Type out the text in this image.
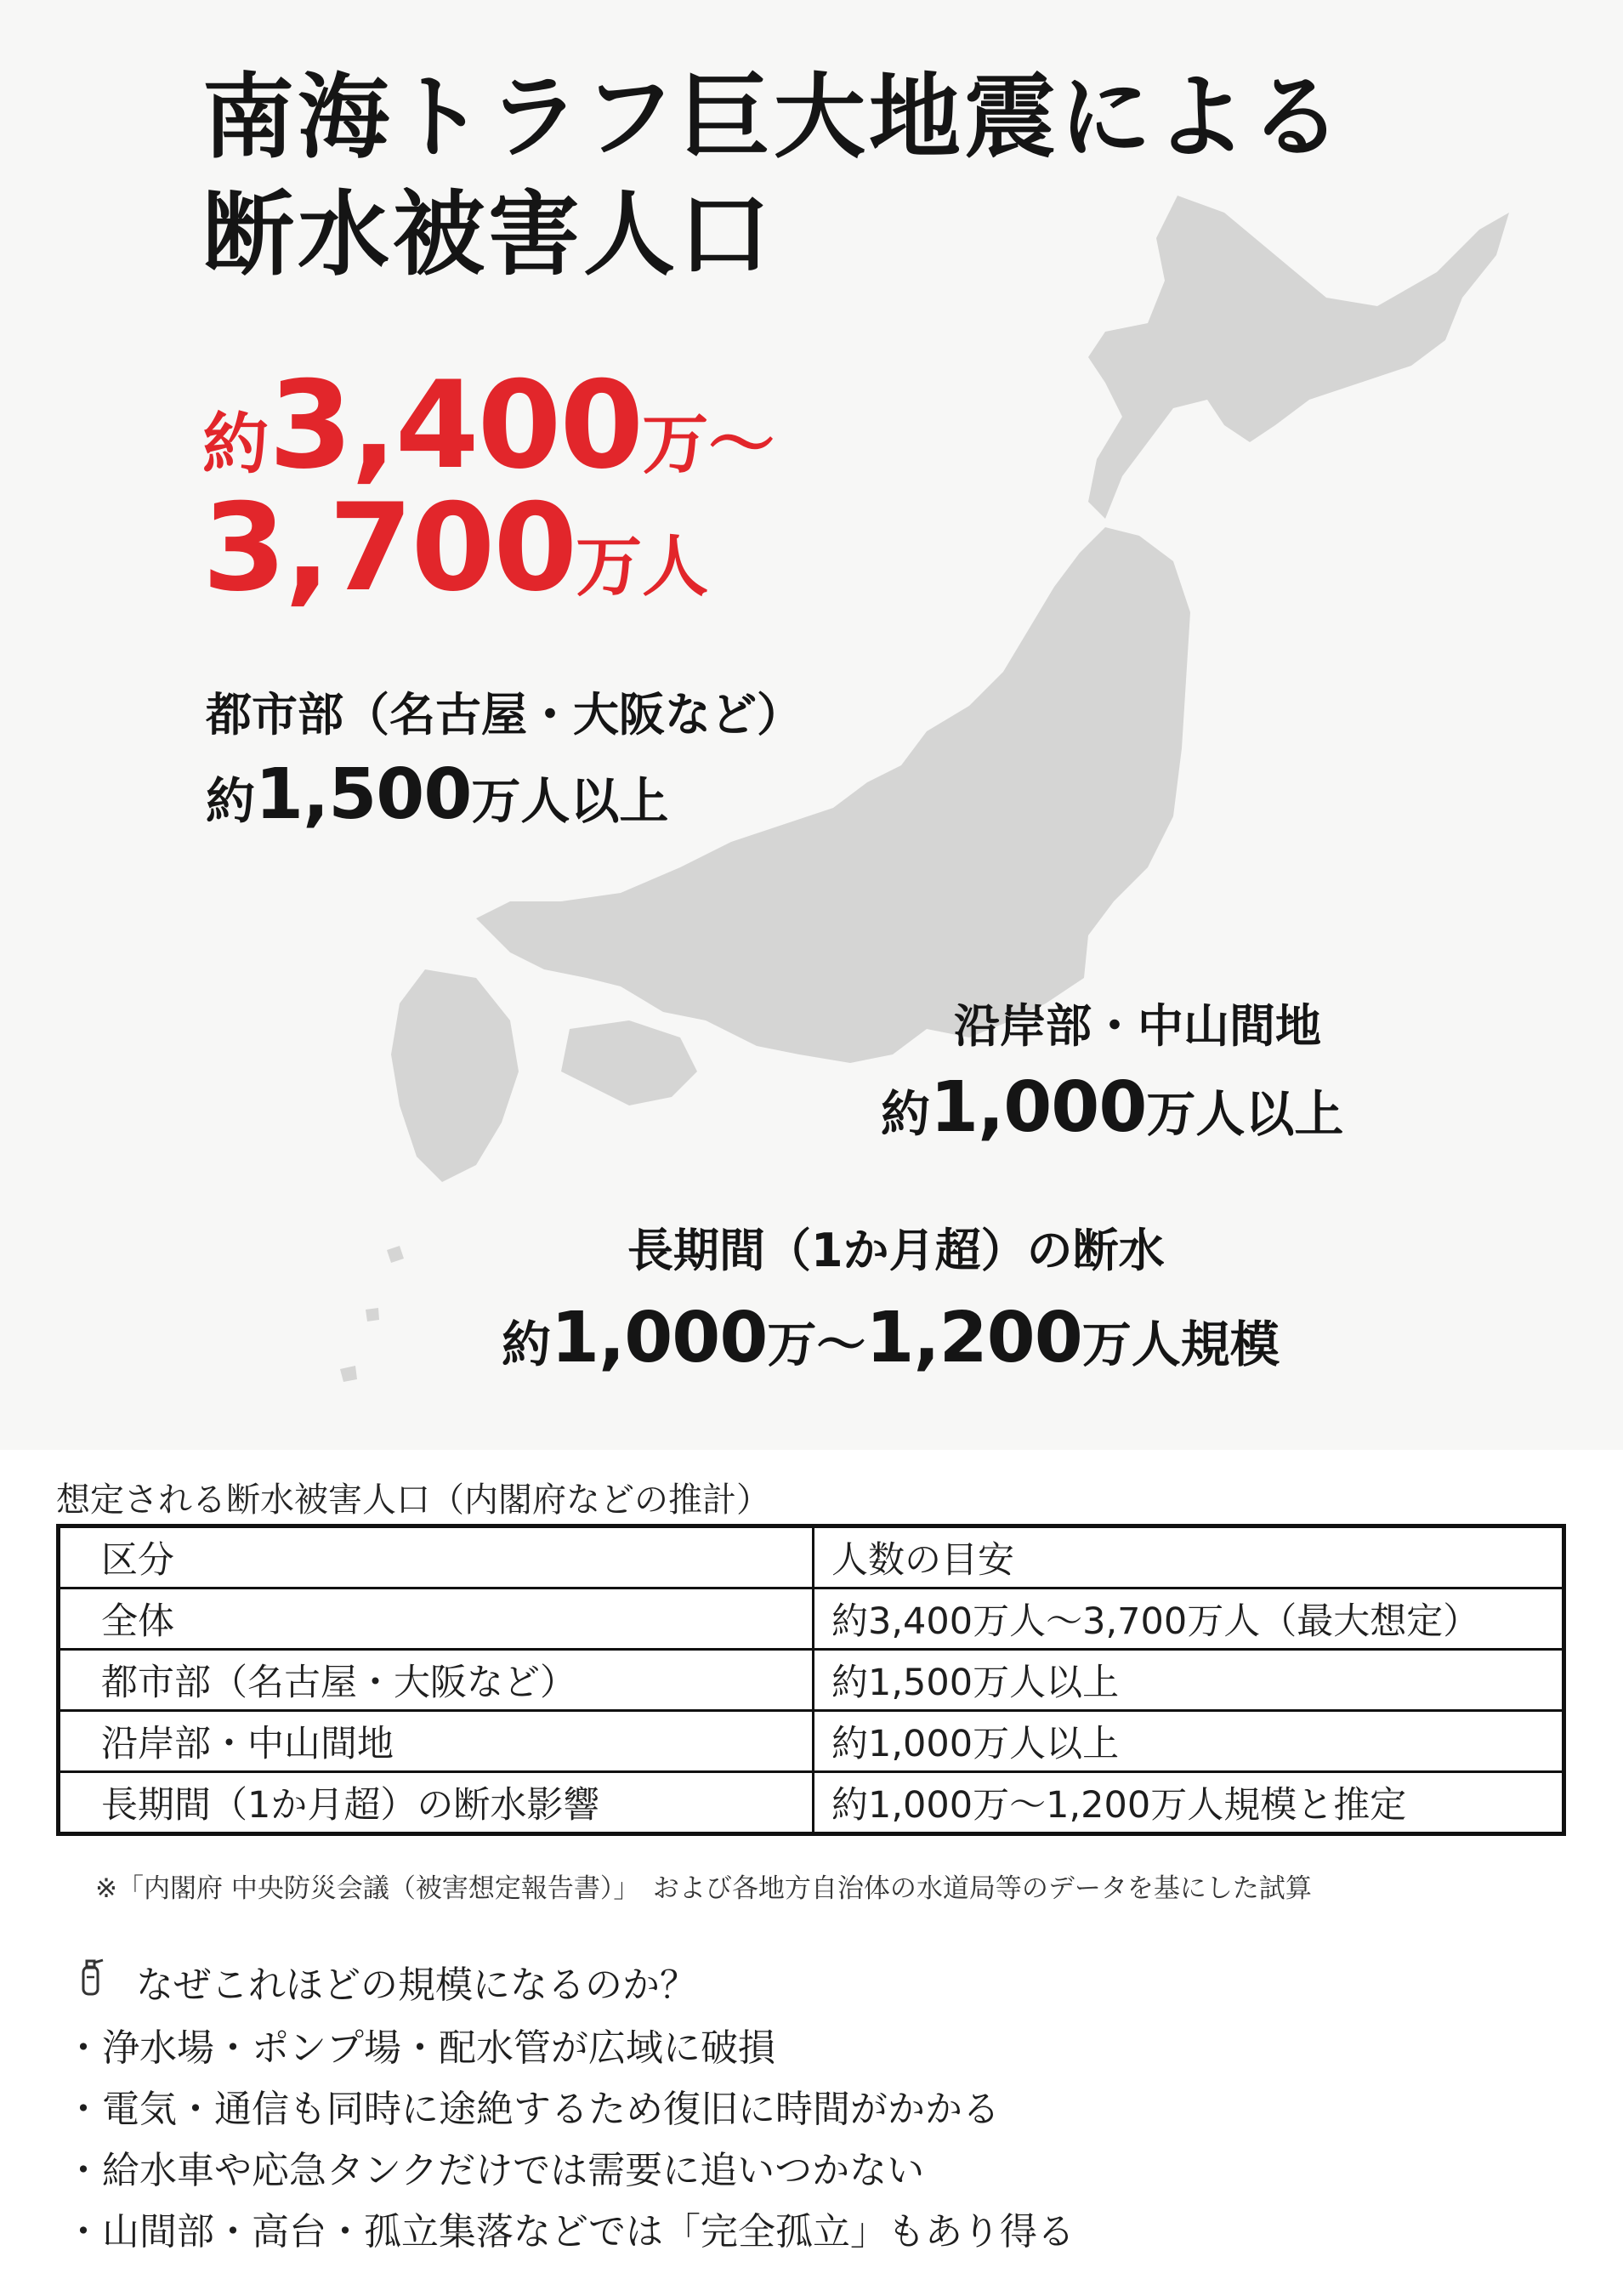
南海トラフ巨大地震による
断水被害人口
約3,400万～
3,700万人
都市部（名古屋・大阪など）
約1,500万人以上
沿岸部・中山間地
約1,000万人以上
長期間（1か月超）の断水
約1,000万～1,200万人規模
想定される断水被害人口（内閣府などの推計）
区分	人数の目安
全体	約3,400万人～3,700万人（最大想定）
都市部（名古屋・大阪など）	約1,500万人以上
沿岸部・中山間地	約1,000万人以上
長期間（1か月超）の断水影響	約1,000万～1,200万人規模と推定
※「内閣府 中央防災会議（被害想定報告書）」　および各地方自治体の水道局等のデータを基にした試算
なぜこれほどの規模になるのか？
・浄水場・ポンプ場・配水管が広域に破損
・電気・通信も同時に途絶するため復旧に時間がかかる
・給水車や応急タンクだけでは需要に追いつかない
・山間部・高台・孤立集落などでは「完全孤立」もあり得る
